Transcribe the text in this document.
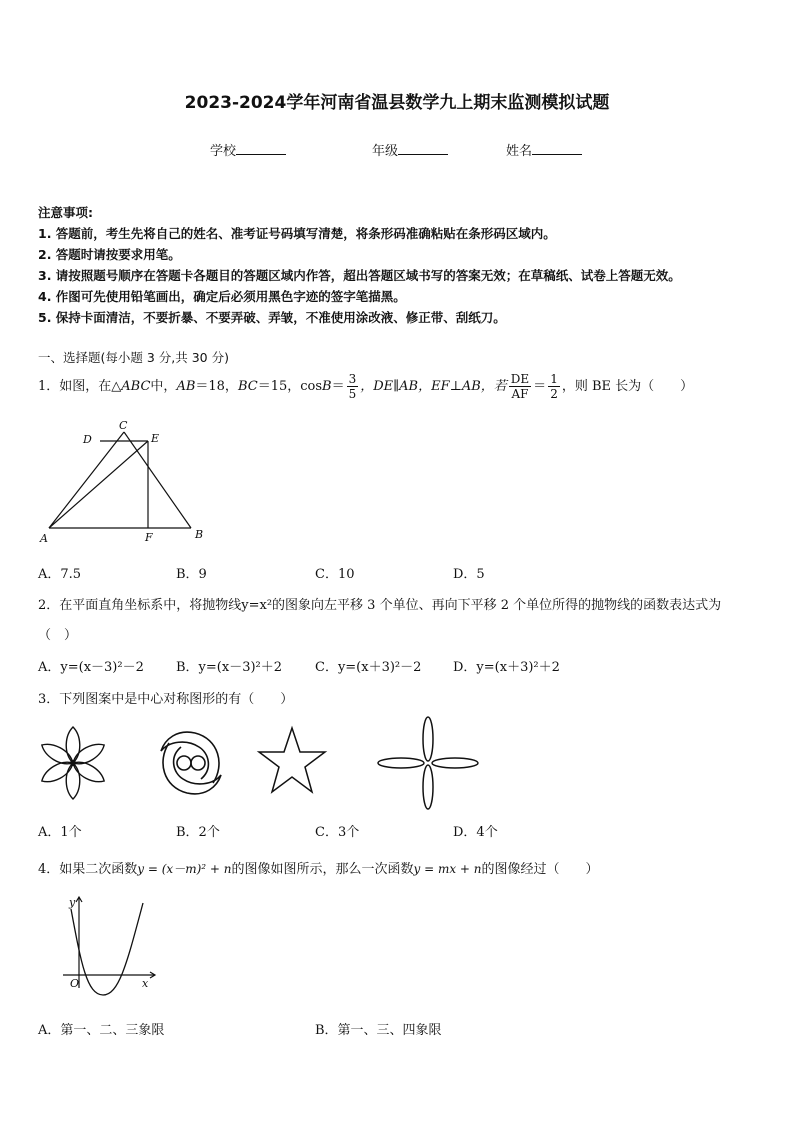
2023-2024学年河南省温县数学九上期末监测模拟试题
学校	年级	姓名
注意事项:
1. 答题前，考生先将自己的姓名、准考证号码填写清楚，将条形码准确粘贴在条形码区域内。
2. 答题时请按要求用笔。
3. 请按照题号顺序在答题卡各题目的答题区域内作答，超出答题区域书写的答案无效；在草稿纸、试卷上答题无效。
4. 作图可先使用铅笔画出，确定后必须用黑色字迹的签字笔描黑。
5. 保持卡面清洁，不要折暴、不要弄破、弄皱，不准使用涂改液、修正带、刮纸刀。
一、选择题(每小题 3 分,共 30 分)
1．如图，在△ABC中，AB＝18，BC＝15，$\cos B= \frac{3}{5}$ ，DE∥AB，EF⊥AB，若 $\frac{DE}{AF} = \frac{1}{2}$ ，则 BE 长为（　　）
C
D	E
A	F	B
A．7.5	B．9	C．10	D．5
2．在平面直角坐标系中，将抛物线y=x²的图象向左平移 3 个单位、再向下平移 2 个单位所得的抛物线的函数表达式为
（　）
A．y=(x－3)²－2 B．y=(x－3)²＋2	C．y=(x＋3)²－2 D．y=(x＋3)²＋2
3．下列图案中是中心对称图形的有（　　）
A．1个	B．2个	C．3个	D．4个
4．如果二次函数y = (x－m)² + n的图像如图所示，那么一次函数y = mx + n的图像经过（　　）
y
x
O
A．第一、二、三象限	B．第一、三、四象限
